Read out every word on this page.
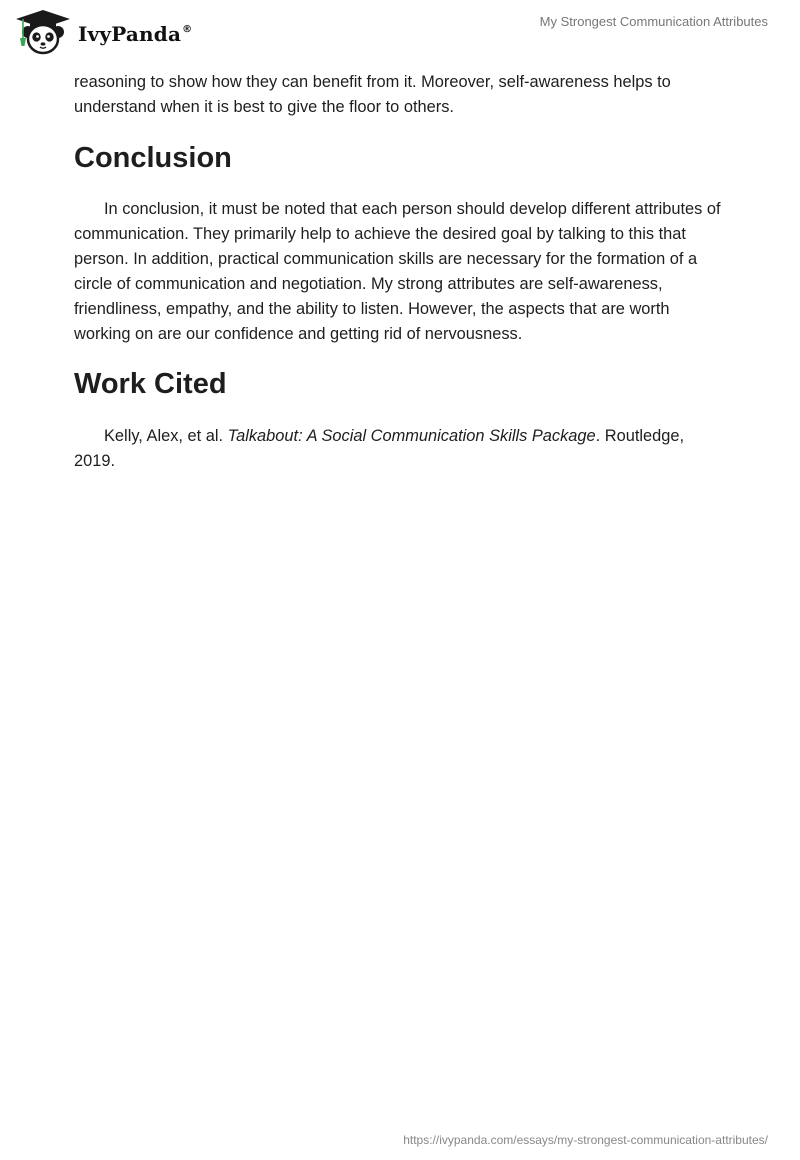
IvyPanda®
My Strongest Communication Attributes

reasoning to show how they can benefit from it. Moreover, self-awareness helps to understand when it is best to give the floor to others.

Conclusion

In conclusion, it must be noted that each person should develop different attributes of communication. They primarily help to achieve the desired goal by talking to this that person. In addition, practical communication skills are necessary for the formation of a circle of communication and negotiation. My strong attributes are self-awareness, friendliness, empathy, and the ability to listen. However, the aspects that are worth working on are our confidence and getting rid of nervousness.

Work Cited

Kelly, Alex, et al. Talkabout: A Social Communication Skills Package. Routledge, 2019.

https://ivypanda.com/essays/my-strongest-communication-attributes/
